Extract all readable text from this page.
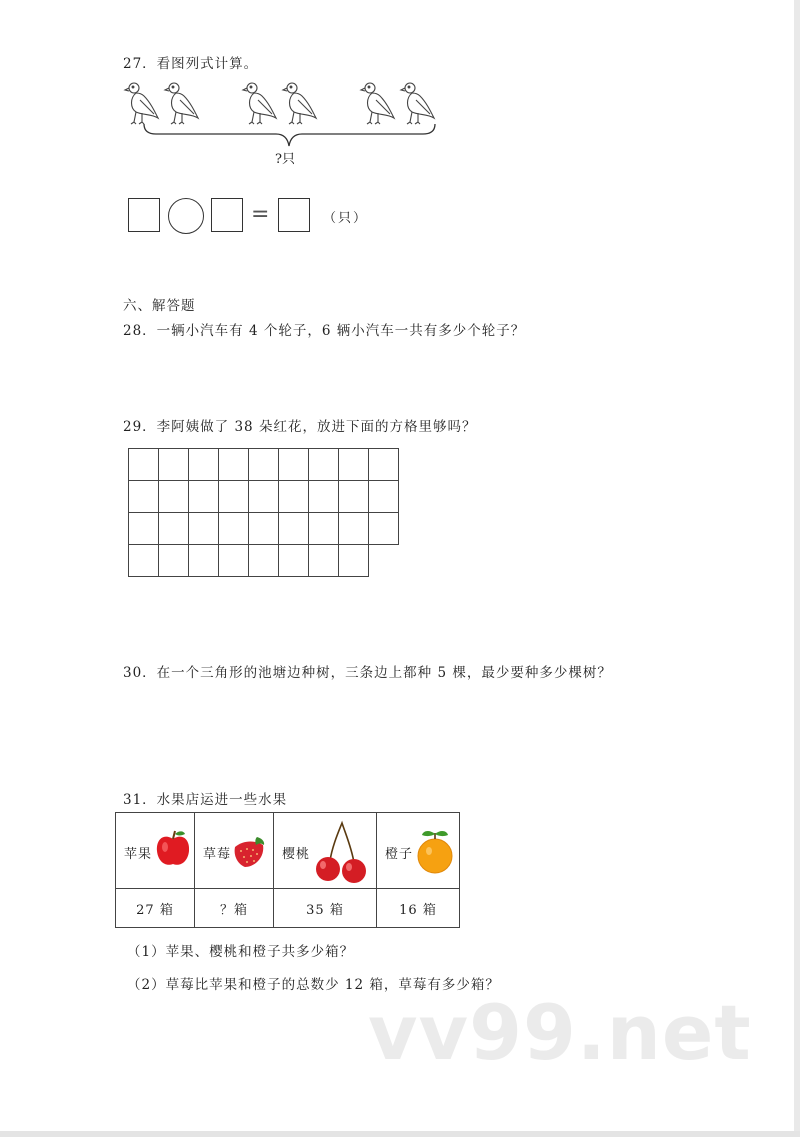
27．看图列式计算。
?只
=	（只）
六、解答题
28．一辆小汽车有 4 个轮子，6 辆小汽车一共有多少个轮子？
29．李阿姨做了 38 朵红花，放进下面的方格里够吗？
30．在一个三角形的池塘边种树，三条边上都种 5 棵，最少要种多少棵树？
31．水果店运进一些水果
苹果	草莓	樱桃	橙子

27 箱	？箱	35 箱	16 箱
（1）苹果、樱桃和橙子共多少箱？
（2）草莓比苹果和橙子的总数少 12 箱，草莓有多少箱？
vv99.net
